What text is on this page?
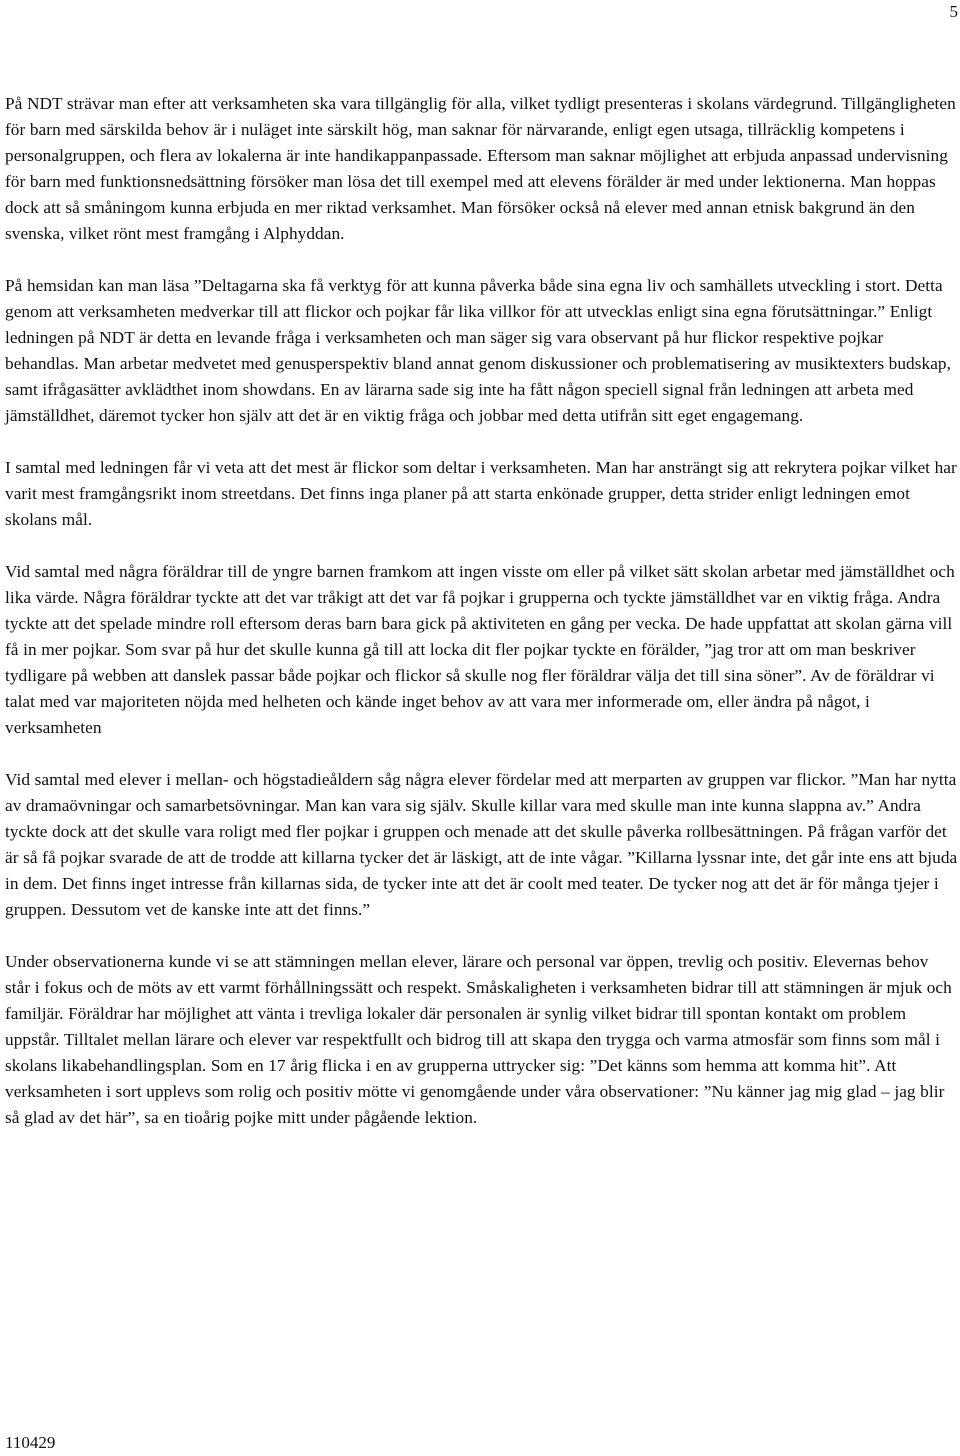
5

På NDT strävar man efter att verksamheten ska vara tillgänglig för alla, vilket tydligt presenteras i skolans värdegrund. Tillgängligheten för barn med särskilda behov är i nuläget inte särskilt hög, man saknar för närvarande, enligt egen utsaga, tillräcklig kompetens i personalgruppen, och flera av lokalerna är inte handikappanpassade. Eftersom man saknar möjlighet att erbjuda anpassad undervisning för barn med funktionsnedsättning försöker man lösa det till exempel med att elevens förälder är med under lektionerna. Man hoppas dock att så småningom kunna erbjuda en mer riktad verksamhet. Man försöker också nå elever med annan etnisk bakgrund än den svenska, vilket rönt mest framgång i Alphyddan.

På hemsidan kan man läsa ”Deltagarna ska få verktyg för att kunna påverka både sina egna liv och samhällets utveckling i stort. Detta genom att verksamheten medverkar till att flickor och pojkar får lika villkor för att utvecklas enligt sina egna förutsättningar.” Enligt ledningen på NDT är detta en levande fråga i verksamheten och man säger sig vara observant på hur flickor respektive pojkar behandlas. Man arbetar medvetet med genusperspektiv bland annat genom diskussioner och problematisering av musiktexters budskap, samt ifrågasätter avklädthet inom showdans. En av lärarna sade sig inte ha fått någon speciell signal från ledningen att arbeta med jämställdhet, däremot tycker hon själv att det är en viktig fråga och jobbar med detta utifrån sitt eget engagemang.

I samtal med ledningen får vi veta att det mest är flickor som deltar i verksamheten. Man har ansträngt sig att rekrytera pojkar vilket har varit mest framgångsrikt inom streetdans. Det finns inga planer på att starta enkönade grupper, detta strider enligt ledningen emot skolans mål.

Vid samtal med några föräldrar till de yngre barnen framkom att ingen visste om eller på vilket sätt skolan arbetar med jämställdhet och lika värde. Några föräldrar tyckte att det var tråkigt att det var få pojkar i grupperna och tyckte jämställdhet var en viktig fråga. Andra tyckte att det spelade mindre roll eftersom deras barn bara gick på aktiviteten en gång per vecka. De hade uppfattat att skolan gärna vill få in mer pojkar. Som svar på hur det skulle kunna gå till att locka dit fler pojkar tyckte en förälder, ”jag tror att om man beskriver tydligare på webben att danslek passar både pojkar och flickor så skulle nog fler föräldrar välja det till sina söner”. Av de föräldrar vi talat med var majoriteten nöjda med helheten och kände inget behov av att vara mer informerade om, eller ändra på något, i verksamheten

Vid samtal med elever i mellan- och högstadieåldern såg några elever fördelar med att merparten av gruppen var flickor. ”Man har nytta av dramaövningar och samarbetsövningar. Man kan vara sig själv. Skulle killar vara med skulle man inte kunna slappna av.” Andra tyckte dock att det skulle vara roligt med fler pojkar i gruppen och menade att det skulle påverka rollbesättningen. På frågan varför det är så få pojkar svarade de att de trodde att killarna tycker det är läskigt, att de inte vågar. ”Killarna lyssnar inte, det går inte ens att bjuda in dem. Det finns inget intresse från killarnas sida, de tycker inte att det är coolt med teater. De tycker nog att det är för många tjejer i gruppen. Dessutom vet de kanske inte att det finns.”

Under observationerna kunde vi se att stämningen mellan elever, lärare och personal var öppen, trevlig och positiv. Elevernas behov står i fokus och de möts av ett varmt förhållningssätt och respekt. Småskaligheten i verksamheten bidrar till att stämningen är mjuk och familjär. Föräldrar har möjlighet att vänta i trevliga lokaler där personalen är synlig vilket bidrar till spontan kontakt om problem uppstår. Tilltalet mellan lärare och elever var respektfullt och bidrog till att skapa den trygga och varma atmosfär som finns som mål i skolans likabehandlingsplan. Som en 17 årig flicka i en av grupperna uttrycker sig: ”Det känns som hemma att komma hit”. Att verksamheten i sort upplevs som rolig och positiv mötte vi genomgående under våra observationer: ”Nu känner jag mig glad – jag blir så glad av det här”, sa en tioårig pojke mitt under pågående lektion.

110429
